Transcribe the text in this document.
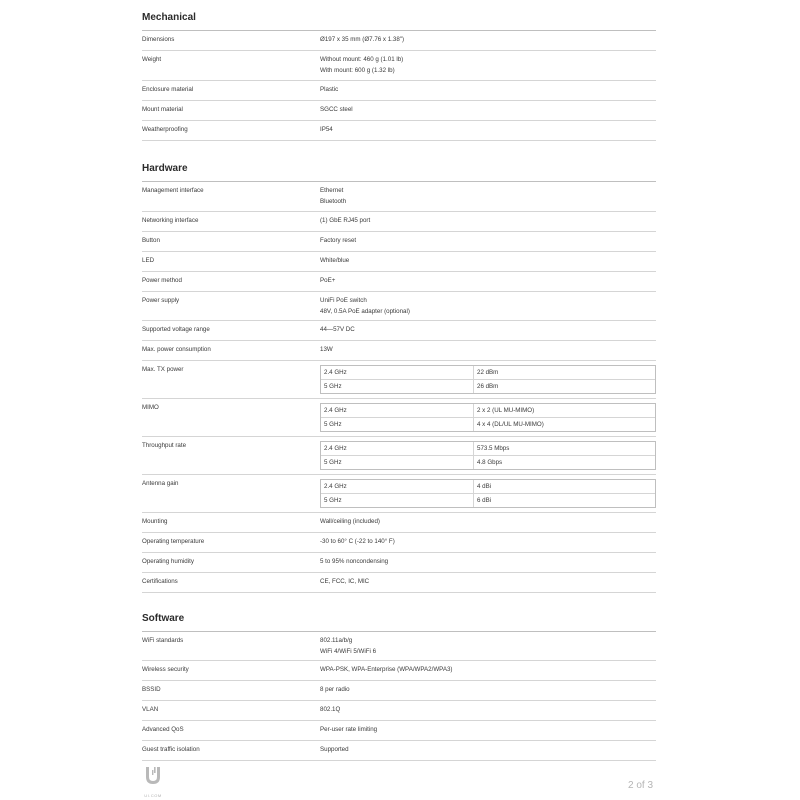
Mechanical
Dimensions	Ø197 x 35 mm (Ø7.76 x 1.38")
Weight	Without mount: 460 g (1.01 lb)
With mount: 600 g (1.32 lb)
Enclosure material	Plastic
Mount material	SGCC steel
Weatherproofing	IP54
Hardware
Management interface	Ethernet
Bluetooth
Networking interface	(1) GbE RJ45 port
Button	Factory reset
LED	White/blue
Power method	PoE+
Power supply	UniFi PoE switch
48V, 0.5A PoE adapter (optional)
Supported voltage range	44—57V DC
Max. power consumption	13W
Max. TX power	2.4 GHz	22 dBm
5 GHz	26 dBm
MIMO	2.4 GHz	2 x 2 (UL MU-MIMO)
5 GHz	4 x 4 (DL/UL MU-MIMO)
Throughput rate	2.4 GHz	573.5 Mbps
5 GHz	4.8 Gbps
Antenna gain	2.4 GHz	4 dBi
5 GHz	6 dBi
Mounting	Wall/ceiling (included)
Operating temperature	-30 to 60° C (-22 to 140° F)
Operating humidity	5 to 95% noncondensing
Certifications	CE, FCC, IC, MIC
Software
WiFi standards	802.11a/b/g
WiFi 4/WiFi 5/WiFi 6
Wireless security	WPA-PSK, WPA-Enterprise (WPA/WPA2/WPA3)
BSSID	8 per radio
VLAN	802.1Q
Advanced QoS	Per-user rate limiting
Guest traffic isolation	Supported
UI.COM
2 of 3
